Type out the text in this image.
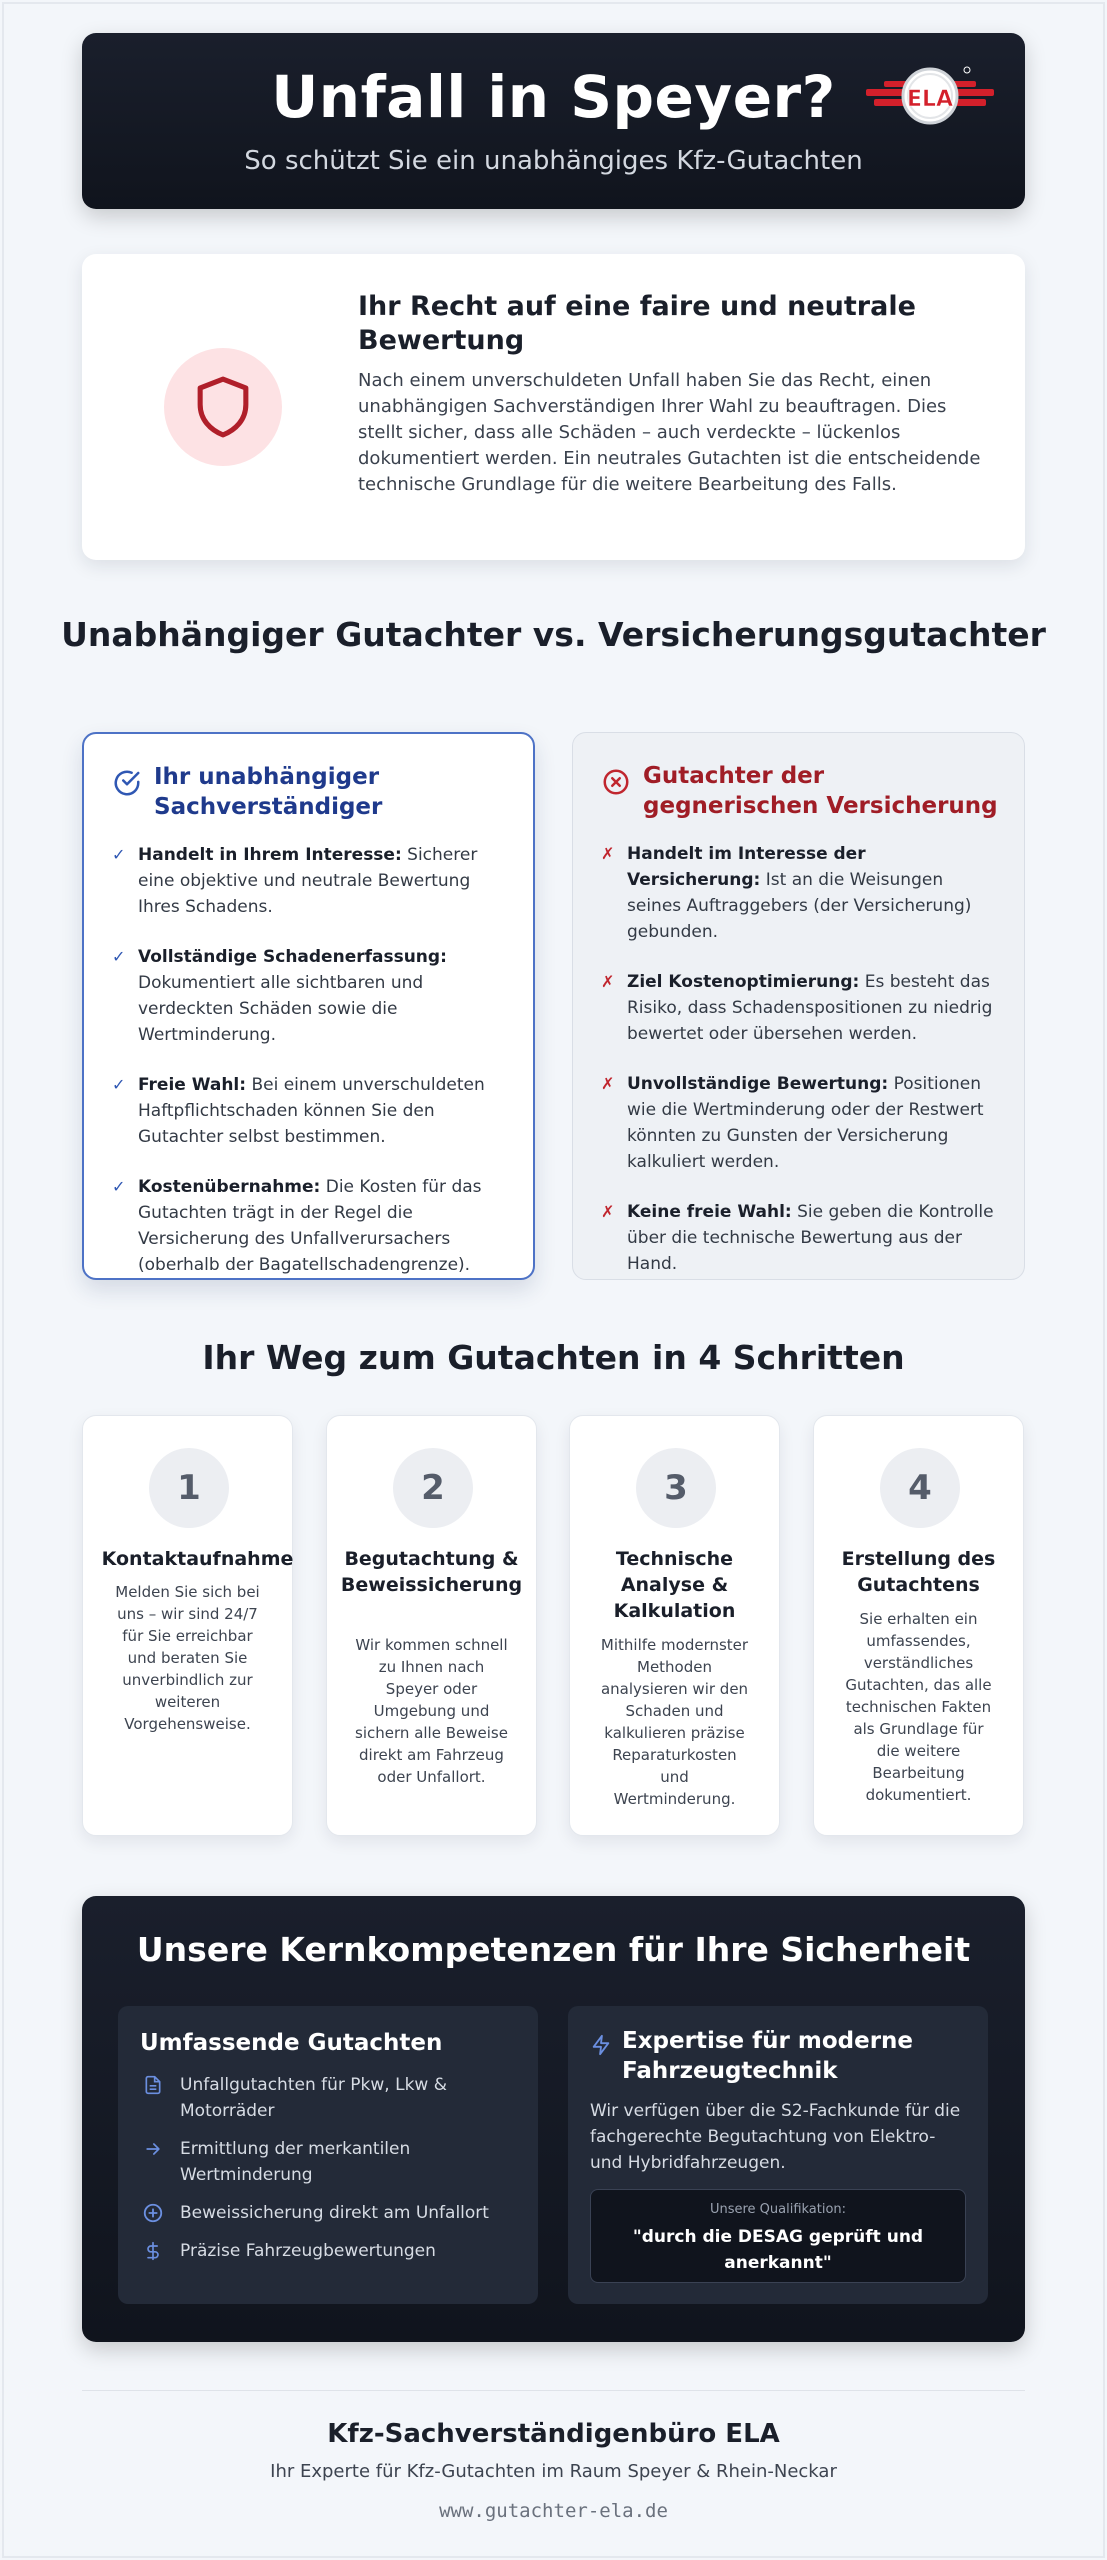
Unfall in Speyer?

So schützt Sie ein unabhängiges Kfz-Gutachten

ELA
Ihr Recht auf eine faire und neutrale Bewertung

Nach einem unverschuldeten Unfall haben Sie das Recht, einen unabhängigen Sachverständigen Ihrer Wahl zu beauftragen. Dies stellt sicher, dass alle Schäden – auch verdeckte – lückenlos dokumentiert werden. Ein neutrales Gutachten ist die entscheidende technische Grundlage für die weitere Bearbeitung des Falls.

Unabhängiger Gutachter vs. Versicherungsgutachter
Ihr unabhängiger Sachverständiger
✓ Handelt in Ihrem Interesse: Sicherer eine objektive und neutrale Bewertung Ihres Schadens.
✓ Vollständige Schadenerfassung: Dokumentiert alle sichtbaren und verdeckten Schäden sowie die Wertminderung.
✓ Freie Wahl: Bei einem unverschuldeten Haftpflichtschaden können Sie den Gutachter selbst bestimmen.
✓ Kostenübernahme: Die Kosten für das Gutachten trägt in der Regel die Versicherung des Unfallverursachers (oberhalb der Bagatellschadengrenze).
Gutachter der gegnerischen Versicherung
✗ Handelt im Interesse der Versicherung: Ist an die Weisungen seines Auftraggebers (der Versicherung) gebunden.
✗ Ziel Kostenoptimierung: Es besteht das Risiko, dass Schadenspositionen zu niedrig bewertet oder übersehen werden.
✗ Unvollständige Bewertung: Positionen wie die Wertminderung oder der Restwert könnten zu Gunsten der Versicherung kalkuliert werden.
✗ Keine freie Wahl: Sie geben die Kontrolle über die technische Bewertung aus der Hand.
Ihr Weg zum Gutachten in 4 Schritten
1
Kontaktaufnahme

Melden Sie sich bei uns – wir sind 24/7 für Sie erreichbar und beraten Sie unverbindlich zur weiteren Vorgehensweise.

2
Begutachtung & Beweissicherung

Wir kommen schnell zu Ihnen nach Speyer oder Umgebung und sichern alle Beweise direkt am Fahrzeug oder Unfallort.

3
Technische Analyse & Kalkulation

Mithilfe modernster Methoden analysieren wir den Schaden und kalkulieren präzise Reparaturkosten und Wertminderung.

4
Erstellung des Gutachtens

Sie erhalten ein umfassendes, verständliches Gutachten, das alle technischen Fakten als Grundlage für die weitere Bearbeitung dokumentiert.

Unsere Kernkompetenzen für Ihre Sicherheit
Umfassende Gutachten
Unfallgutachten für Pkw, Lkw & Motorräder
Ermittlung der merkantilen Wertminderung
Beweissicherung direkt am Unfallort
Präzise Fahrzeugbewertungen
Expertise für moderne Fahrzeugtechnik

Wir verfügen über die S2-Fachkunde für die fachgerechte Begutachtung von Elektro- und Hybridfahrzeugen.

Unsere Qualifikation:
"durch die DESAG geprüft und anerkannt"
Kfz-Sachverständigenbüro ELA
Ihr Experte für Kfz-Gutachten im Raum Speyer & Rhein-Neckar
www.gutachter-ela.de
